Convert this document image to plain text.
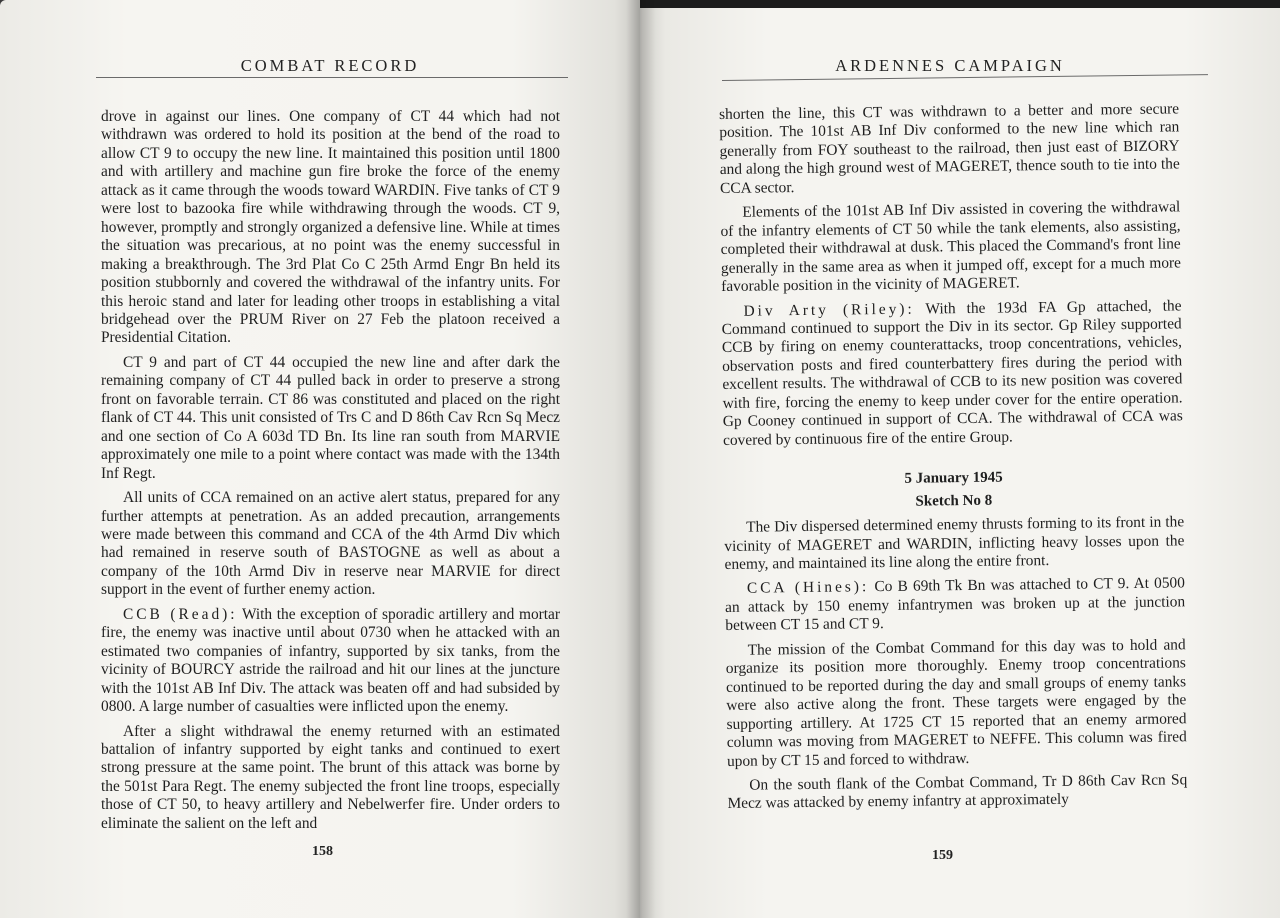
COMBAT RECORD

drove in against our lines. One company of CT 44 which had not withdrawn was ordered to hold its position at the bend of the road to allow CT 9 to occupy the new line. It maintained this position until 1800 and with artillery and machine gun fire broke the force of the enemy attack as it came through the woods toward WARDIN. Five tanks of CT 9 were lost to bazooka fire while withdrawing through the woods. CT 9, however, promptly and strongly organized a defensive line. While at times the situation was precarious, at no point was the enemy successful in making a breakthrough. The 3rd Plat Co C 25th Armd Engr Bn held its position stubbornly and covered the withdrawal of the infantry units. For this heroic stand and later for leading other troops in establishing a vital bridgehead over the PRUM River on 27 Feb the platoon received a Presidential Citation.

CT 9 and part of CT 44 occupied the new line and after dark the remaining company of CT 44 pulled back in order to preserve a strong front on favorable terrain. CT 86 was constituted and placed on the right flank of CT 44. This unit consisted of Trs C and D 86th Cav Rcn Sq Mecz and one section of Co A 603d TD Bn. Its line ran south from MARVIE approximately one mile to a point where contact was made with the 134th Inf Regt.

All units of CCA remained on an active alert status, prepared for any further attempts at penetration. As an added precaution, arrangements were made between this command and CCA of the 4th Armd Div which had remained in reserve south of BASTOGNE as well as about a company of the 10th Armd Div in reserve near MARVIE for direct support in the event of further enemy action.

CCB (Read): With the exception of sporadic artillery and mortar fire, the enemy was inactive until about 0730 when he attacked with an estimated two companies of infantry, supported by six tanks, from the vicinity of BOURCY astride the railroad and hit our lines at the juncture with the 101st AB Inf Div. The attack was beaten off and had subsided by 0800. A large number of casualties were inflicted upon the enemy.

After a slight withdrawal the enemy returned with an estimated battalion of infantry supported by eight tanks and continued to exert strong pressure at the same point. The brunt of this attack was borne by the 501st Para Regt. The enemy subjected the front line troops, especially those of CT 50, to heavy artillery and Nebelwerfer fire. Under orders to eliminate the salient on the left and

158
ARDENNES CAMPAIGN

shorten the line, this CT was withdrawn to a better and more secure position. The 101st AB Inf Div conformed to the new line which ran generally from FOY southeast to the railroad, then just east of BIZORY and along the high ground west of MAGERET, thence south to tie into the CCA sector.

Elements of the 101st AB Inf Div assisted in covering the withdrawal of the infantry elements of CT 50 while the tank elements, also assisting, completed their withdrawal at dusk. This placed the Command's front line generally in the same area as when it jumped off, except for a much more favorable position in the vicinity of MAGERET.

Div Arty (Riley): With the 193d FA Gp attached, the Command continued to support the Div in its sector. Gp Riley supported CCB by firing on enemy counterattacks, troop concentrations, vehicles, observation posts and fired counterbattery fires during the period with excellent results. The withdrawal of CCB to its new position was covered with fire, forcing the enemy to keep under cover for the entire operation. Gp Cooney continued in support of CCA. The withdrawal of CCA was covered by continuous fire of the entire Group.

5 January 1945

Sketch No 8

The Div dispersed determined enemy thrusts forming to its front in the vicinity of MAGERET and WARDIN, inflicting heavy losses upon the enemy, and maintained its line along the entire front.

CCA (Hines): Co B 69th Tk Bn was attached to CT 9. At 0500 an attack by 150 enemy infantrymen was broken up at the junction between CT 15 and CT 9.

The mission of the Combat Command for this day was to hold and organize its position more thoroughly. Enemy troop concentrations continued to be reported during the day and small groups of enemy tanks were also active along the front. These targets were engaged by the supporting artillery. At 1725 CT 15 reported that an enemy armored column was moving from MAGERET to NEFFE. This column was fired upon by CT 15 and forced to withdraw.

On the south flank of the Combat Command, Tr D 86th Cav Rcn Sq Mecz was attacked by enemy infantry at approximately

159
